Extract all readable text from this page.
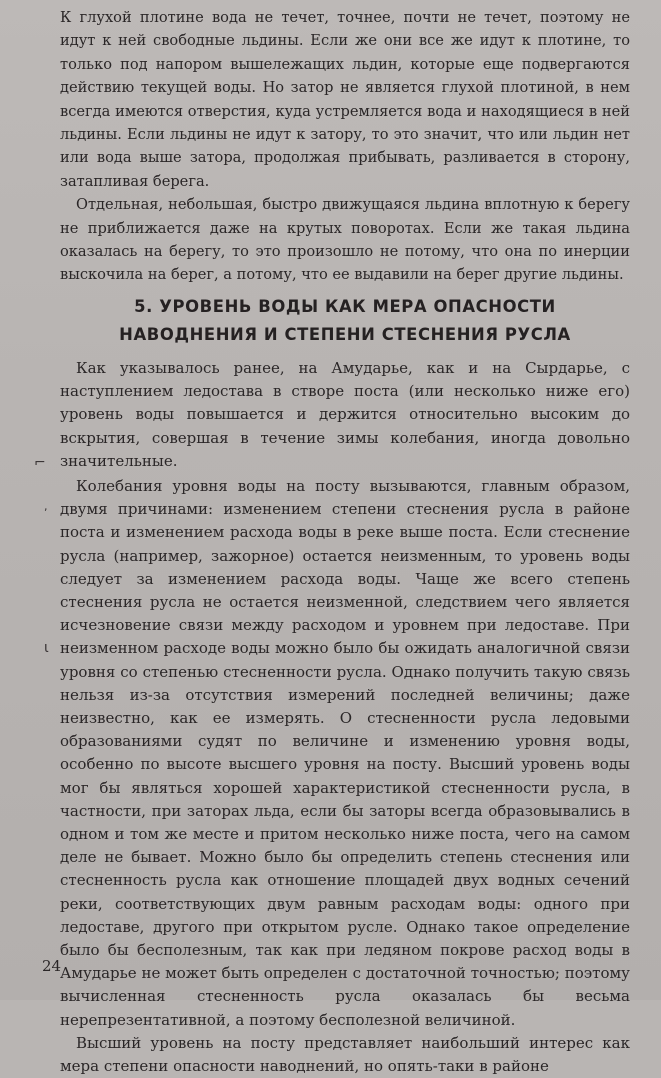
К глухой плотине вода не течет, точнее, почти не течет, поэтому не идут к ней свободные льдины. Если же они все же идут к плотине, то только под напором вышележащих льдин, которые еще подвергаются действию текущей воды. Но затор не является глухой плотиной, в нем всегда имеются отверстия, куда устремляется вода и находящиеся в ней льдины. Если льдины не идут к затору, то это значит, что или льдин нет или вода выше затора, продолжая прибывать, разливается в сторону, затапливая берега.

Отдельная, небольшая, быстро движущаяся льдина вплотную к берегу не приближается даже на крутых поворотах. Если же такая льдина оказалась на берегу, то это произошло не потому, что она по инерции выскочила на берег, а потому, что ее выдавили на берег другие льдины.

5. УРОВЕНЬ ВОДЫ КАК МЕРА ОПАСНОСТИ
НАВОДНЕНИЯ И СТЕПЕНИ СТЕСНЕНИЯ РУСЛА

Как указывалось ранее, на Амударье, как и на Сырдарье, с наступлением ледостава в створе поста (или несколько ниже его) уровень воды повышается и держится относительно высоким до вскрытия, совершая в течение зимы колебания, иногда довольно значительные.

Колебания уровня воды на посту вызываются, главным образом, двумя причинами: изменением степени стеснения русла в районе поста и изменением расхода воды в реке выше поста. Если стеснение русла (например, зажорное) остается неизменным, то уровень воды следует за изменением расхода воды. Чаще же всего степень стеснения русла не остается неизменной, следствием чего является исчезновение связи между расходом и уровнем при ледоставе. При неизменном расходе воды можно было бы ожидать аналогичной связи уровня со степенью стесненности русла. Однако получить такую связь нельзя из-за отсутствия измерений последней величины; даже неизвестно, как ее измерять. О стесненности русла ледовыми образованиями судят по величине и изменению уровня воды, особенно по высоте высшего уровня на посту. Высший уровень воды мог бы являться хорошей характеристикой стесненности русла, в частности, при заторах льда, если бы заторы всегда образовывались в одном и том же месте и притом несколько ниже поста, чего на самом деле не бывает. Можно было бы определить степень стеснения или стесненность русла как отношение площадей двух водных сечений реки, соответствующих двум равным расходам воды: одного при ледоставе, другого при открытом русле. Однако такое определение было бы бесполезным, так как при ледяном покрове расход воды в Амударье не может быть определен с достаточной точностью; поэтому вычисленная стесненность русла оказалась бы весьма нерепрезентативной, а поэтому бесполезной величиной.

Высший уровень на посту представляет наибольший интерес как мера степени опасности наводнений, но опять-таки в районе

⌐
,
ι
24
